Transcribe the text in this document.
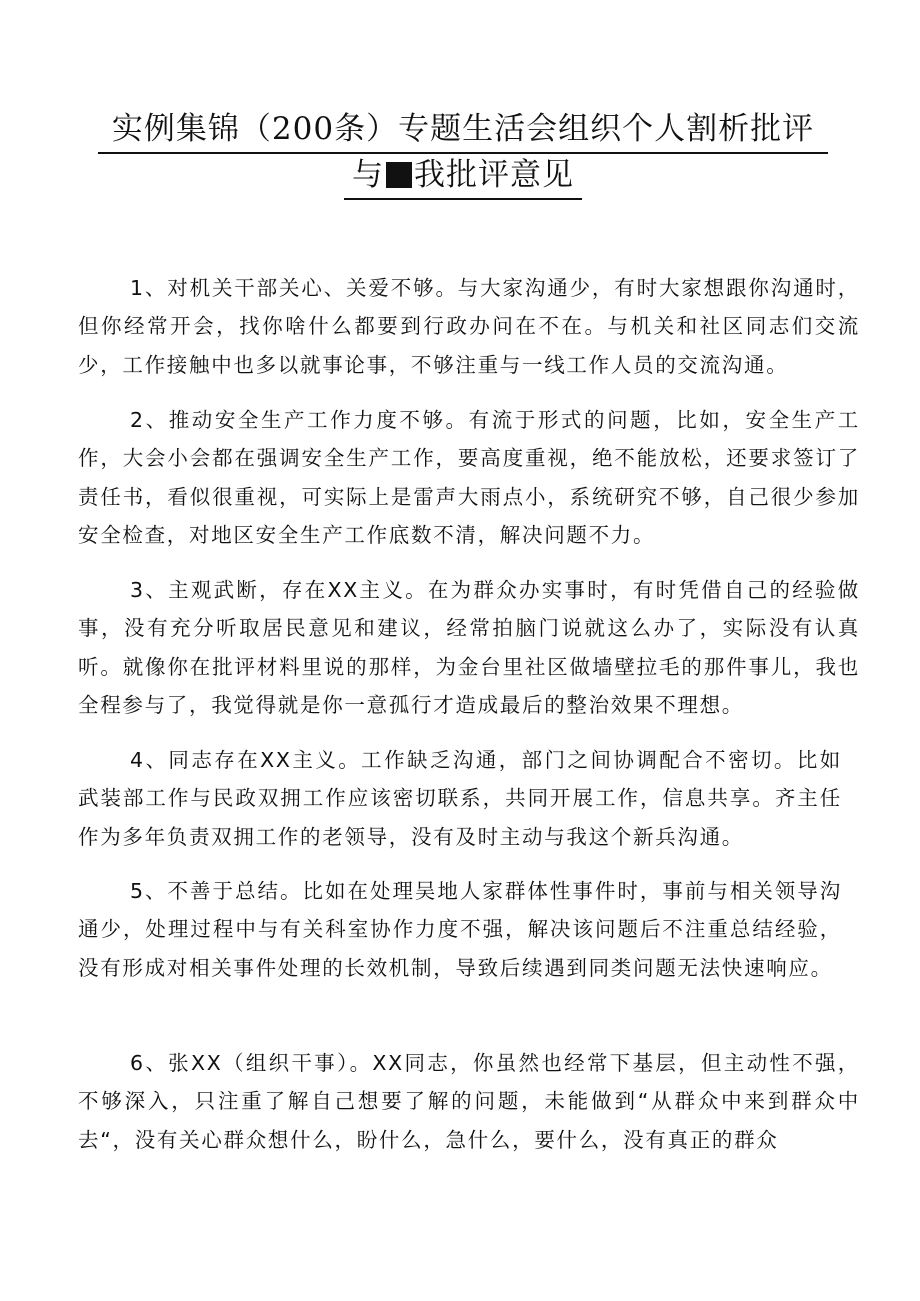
实例集锦（200条）专题生活会组织个人割析批评
与 我批评意见

1、对机关干部关心、关爱不够。与大家沟通少，有时大家想跟你沟通时，但你经常开会，找你啥什么都要到行政办问在不在。与机关和社区同志们交流少，工作接触中也多以就事论事，不够注重与一线工作人员的交流沟通。

2、推动安全生产工作力度不够。有流于形式的问题，比如，安全生产工作，大会小会都在强调安全生产工作，要高度重视，绝不能放松，还要求签订了责任书，看似很重视，可实际上是雷声大雨点小，系统研究不够，自己很少参加安全检查，对地区安全生产工作底数不清，解决问题不力。

3、主观武断，存在XX主义。在为群众办实事时，有时凭借自己的经验做事，没有充分听取居民意见和建议，经常拍脑门说就这么办了，实际没有认真听。就像你在批评材料里说的那样，为金台里社区做墙壁拉毛的那件事儿，我也全程参与了，我觉得就是你一意孤行才造成最后的整治效果不理想。

4、同志存在XX主义。工作缺乏沟通，部门之间协调配合不密切。比如武装部工作与民政双拥工作应该密切联系，共同开展工作，信息共享。齐主任作为多年负责双拥工作的老领导，没有及时主动与我这个新兵沟通。

5、不善于总结。比如在处理吴地人家群体性事件时，事前与相关领导沟通少，处理过程中与有关科室协作力度不强，解决该问题后不注重总结经验，没有形成对相关事件处理的长效机制，导致后续遇到同类问题无法快速响应。

6、张XX（组织干事）。XX同志，你虽然也经常下基层，但主动性不强，不够深入，只注重了解自己想要了解的问题，未能做到“从群众中来到群众中去“，没有关心群众想什么，盼什么，急什么，要什么，没有真正的群众
